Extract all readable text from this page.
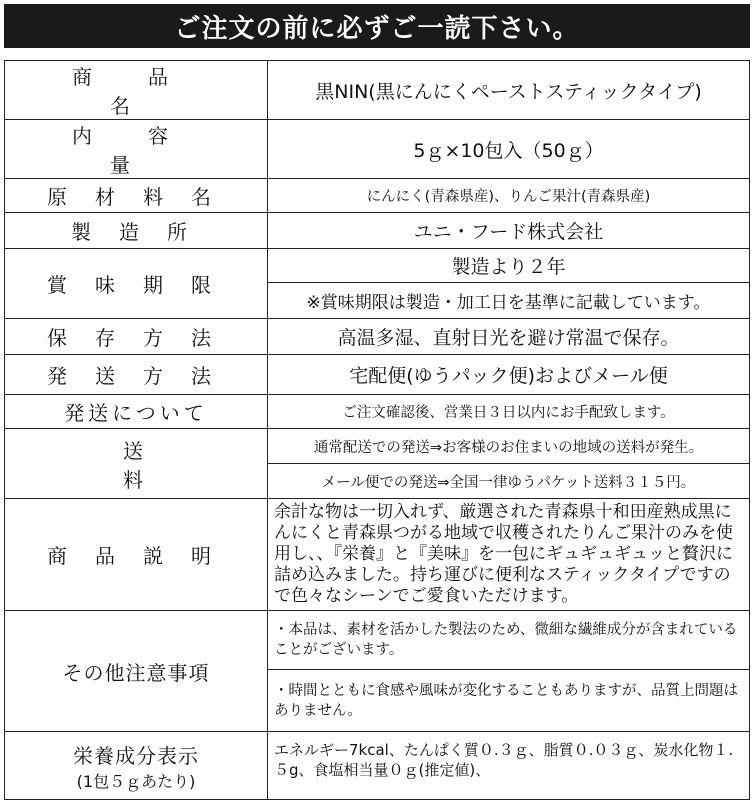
ご注文の前に必ずご一読下さい。
商品名	黒NIN(黒にんにくペーストスティックタイプ)
内容量	5ｇ×10包入（50ｇ）
原材料名	にんにく(青森県産)、りんご果汁(青森県産)
製造所	ユニ・フード株式会社
賞味期限	製造より２年
	※賞味期限は製造・加工日を基準に記載しています。
保存方法	高温多湿、直射日光を避け常温で保存。
発送方法	宅配便(ゆうパック便)およびメール便
発送について	ご注文確認後、営業日３日以内にお手配致します。
送料	通常配送での発送⇒お客様のお住まいの地域の送料が発生。
	メール便での発送⇒全国一律ゆうパケット送料３１５円。
商品説明	余計な物は一切入れず、厳選された青森県十和田産熟成黒にんにくと青森県つがる地域で収穫されたりんご果汁のみを使用し、、『栄養』と『美味』を一包にギュギュギュッと贅沢に詰め込みました。持ち運びに便利なスティックタイプですので色々なシーンでご愛食いただけます。
その他注意事項	・本品は、素材を活かした製法のため、微細な繊維成分が含まれていることがございます。
	・時間とともに食感や風味が変化することもありますが、品質上問題はありません。
栄養成分表示
(1包５ｇあたり)	エネルギー7kcal、たんぱく質０.３ｇ、脂質０.０３ｇ、炭水化物１.５g、食塩相当量０ｇ(推定値)、
